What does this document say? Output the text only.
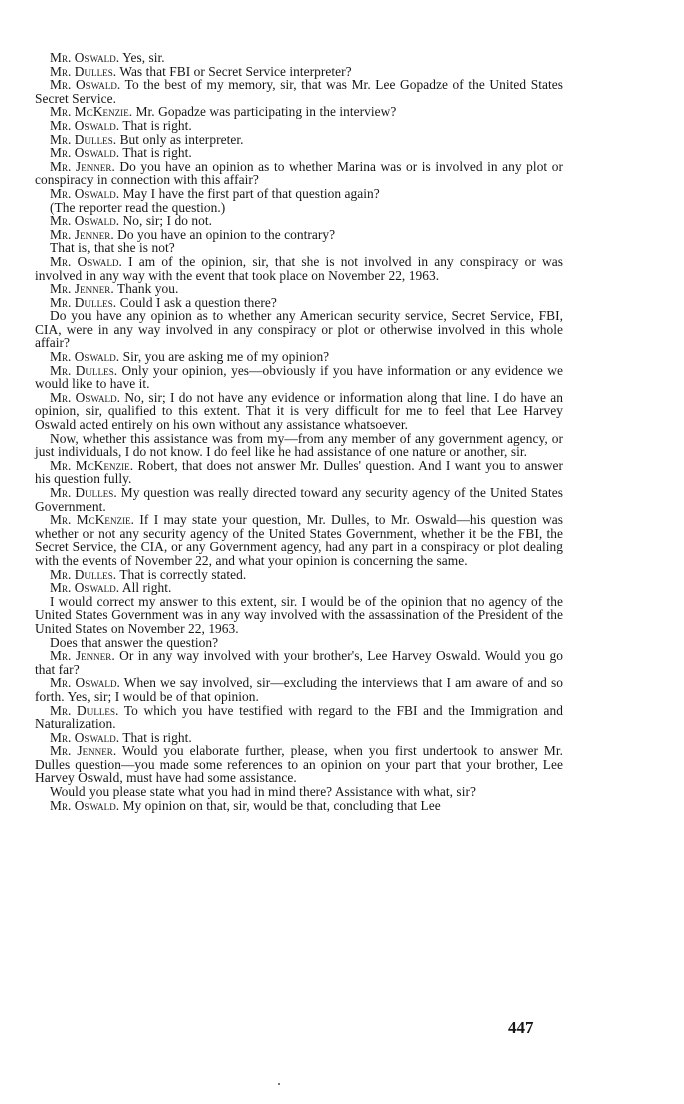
Mr. Oswald. Yes, sir.

Mr. Dulles. Was that FBI or Secret Service interpreter?

Mr. Oswald. To the best of my memory, sir, that was Mr. Lee Gopadze of the United States Secret Service.

Mr. McKenzie. Mr. Gopadze was participating in the interview?

Mr. Oswald. That is right.

Mr. Dulles. But only as interpreter.

Mr. Oswald. That is right.

Mr. Jenner. Do you have an opinion as to whether Marina was or is involved in any plot or conspiracy in connection with this affair?

Mr. Oswald. May I have the first part of that question again?

(The reporter read the question.)

Mr. Oswald. No, sir; I do not.

Mr. Jenner. Do you have an opinion to the contrary?

That is, that she is not?

Mr. Oswald. I am of the opinion, sir, that she is not involved in any conspiracy or was involved in any way with the event that took place on November 22, 1963.

Mr. Jenner. Thank you.

Mr. Dulles. Could I ask a question there?

Do you have any opinion as to whether any American security service, Secret Service, FBI, CIA, were in any way involved in any conspiracy or plot or otherwise involved in this whole affair?

Mr. Oswald. Sir, you are asking me of my opinion?

Mr. Dulles. Only your opinion, yes—obviously if you have information or any evidence we would like to have it.

Mr. Oswald. No, sir; I do not have any evidence or information along that line. I do have an opinion, sir, qualified to this extent. That it is very difficult for me to feel that Lee Harvey Oswald acted entirely on his own without any assistance whatsoever.

Now, whether this assistance was from my—from any member of any government agency, or just individuals, I do not know. I do feel like he had assistance of one nature or another, sir.

Mr. McKenzie. Robert, that does not answer Mr. Dulles' question. And I want you to answer his question fully.

Mr. Dulles. My question was really directed toward any security agency of the United States Government.

Mr. McKenzie. If I may state your question, Mr. Dulles, to Mr. Oswald—his question was whether or not any security agency of the United States Government, whether it be the FBI, the Secret Service, the CIA, or any Government agency, had any part in a conspiracy or plot dealing with the events of November 22, and what your opinion is concerning the same.

Mr. Dulles. That is correctly stated.

Mr. Oswald. All right.

I would correct my answer to this extent, sir. I would be of the opinion that no agency of the United States Government was in any way involved with the assassination of the President of the United States on November 22, 1963.

Does that answer the question?

Mr. Jenner. Or in any way involved with your brother's, Lee Harvey Oswald. Would you go that far?

Mr. Oswald. When we say involved, sir—excluding the interviews that I am aware of and so forth. Yes, sir; I would be of that opinion.

Mr. Dulles. To which you have testified with regard to the FBI and the Immigration and Naturalization.

Mr. Oswald. That is right.

Mr. Jenner. Would you elaborate further, please, when you first undertook to answer Mr. Dulles question—you made some references to an opinion on your part that your brother, Lee Harvey Oswald, must have had some assistance.

Would you please state what you had in mind there? Assistance with what, sir?

Mr. Oswald. My opinion on that, sir, would be that, concluding that Lee

447
